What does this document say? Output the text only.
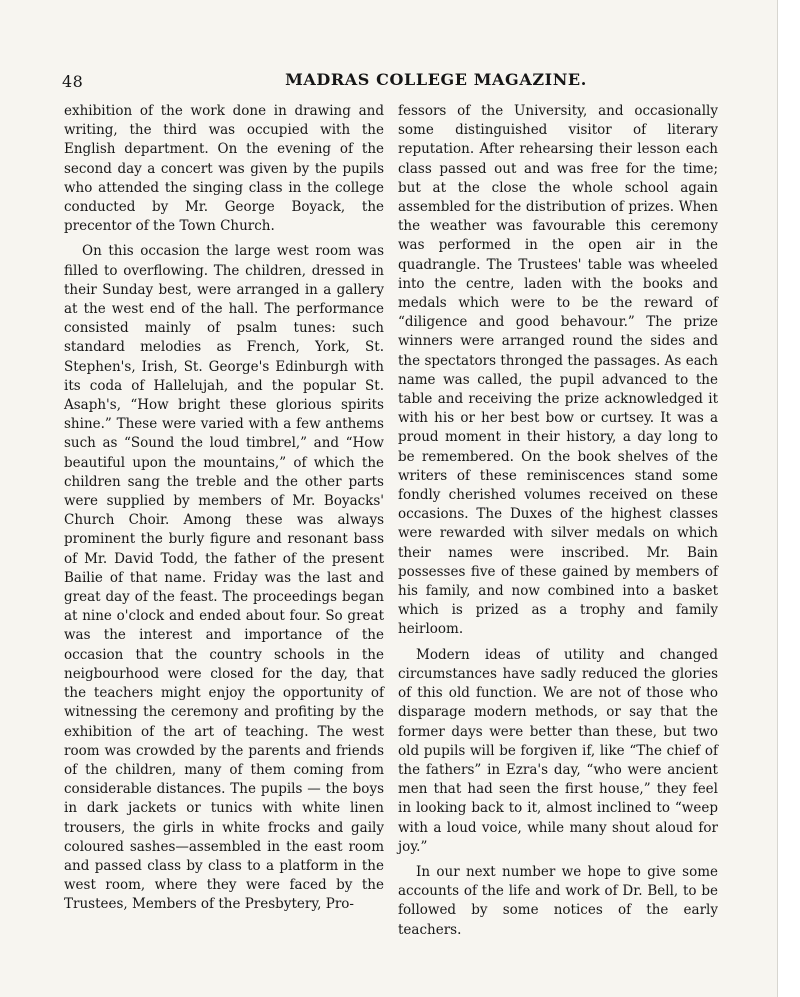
48	MADRAS COLLEGE MAGAZINE.

exhibition of the work done in drawing and writing, the third was occupied with the English department. On the evening of the second day a concert was given by the pupils who attended the singing class in the college conducted by Mr. George Boyack, the precentor of the Town Church.

On this occasion the large west room was filled to overflowing. The children, dressed in their Sunday best, were arranged in a gallery at the west end of the hall. The performance consisted mainly of psalm tunes: such standard melodies as French, York, St. Stephen's, Irish, St. George's Edinburgh with its coda of Hallelujah, and the popular St. Asaph's, “How bright these glorious spirits shine.” These were varied with a few anthems such as “Sound the loud timbrel,” and “How beautiful upon the mountains,” of which the children sang the treble and the other parts were supplied by members of Mr. Boyacks' Church Choir. Among these was always prominent the burly figure and resonant bass of Mr. David Todd, the father of the present Bailie of that name. Friday was the last and great day of the feast. The proceedings began at nine o'clock and ended about four. So great was the interest and importance of the occasion that the country schools in the neigbourhood were closed for the day, that the teachers might enjoy the opportunity of witnessing the ceremony and profiting by the exhibition of the art of teaching. The west room was crowded by the parents and friends of the children, many of them coming from considerable distances. The pupils — the boys in dark jackets or tunics with white linen trousers, the girls in white frocks and gaily coloured sashes—assembled in the east room and passed class by class to a platform in the west room, where they were faced by the Trustees, Members of the Presbytery, Pro-

fessors of the University, and occasionally some distinguished visitor of literary reputation. After rehearsing their lesson each class passed out and was free for the time; but at the close the whole school again assembled for the distribution of prizes. When the weather was favourable this ceremony was performed in the open air in the quadrangle. The Trustees' table was wheeled into the centre, laden with the books and medals which were to be the reward of “diligence and good behavour.” The prize winners were arranged round the sides and the spectators thronged the passages. As each name was called, the pupil advanced to the table and receiving the prize acknowledged it with his or her best bow or curtsey. It was a proud moment in their history, a day long to be remembered. On the book shelves of the writers of these reminiscences stand some fondly cherished volumes received on these occasions. The Duxes of the highest classes were rewarded with silver medals on which their names were inscribed. Mr. Bain possesses five of these gained by members of his family, and now combined into a basket which is prized as a trophy and family heirloom.

Modern ideas of utility and changed circumstances have sadly reduced the glories of this old function. We are not of those who disparage modern methods, or say that the former days were better than these, but two old pupils will be forgiven if, like “The chief of the fathers” in Ezra's day, “who were ancient men that had seen the first house,” they feel in looking back to it, almost inclined to “weep with a loud voice, while many shout aloud for joy.”

In our next number we hope to give some accounts of the life and work of Dr. Bell, to be followed by some notices of the early teachers.
